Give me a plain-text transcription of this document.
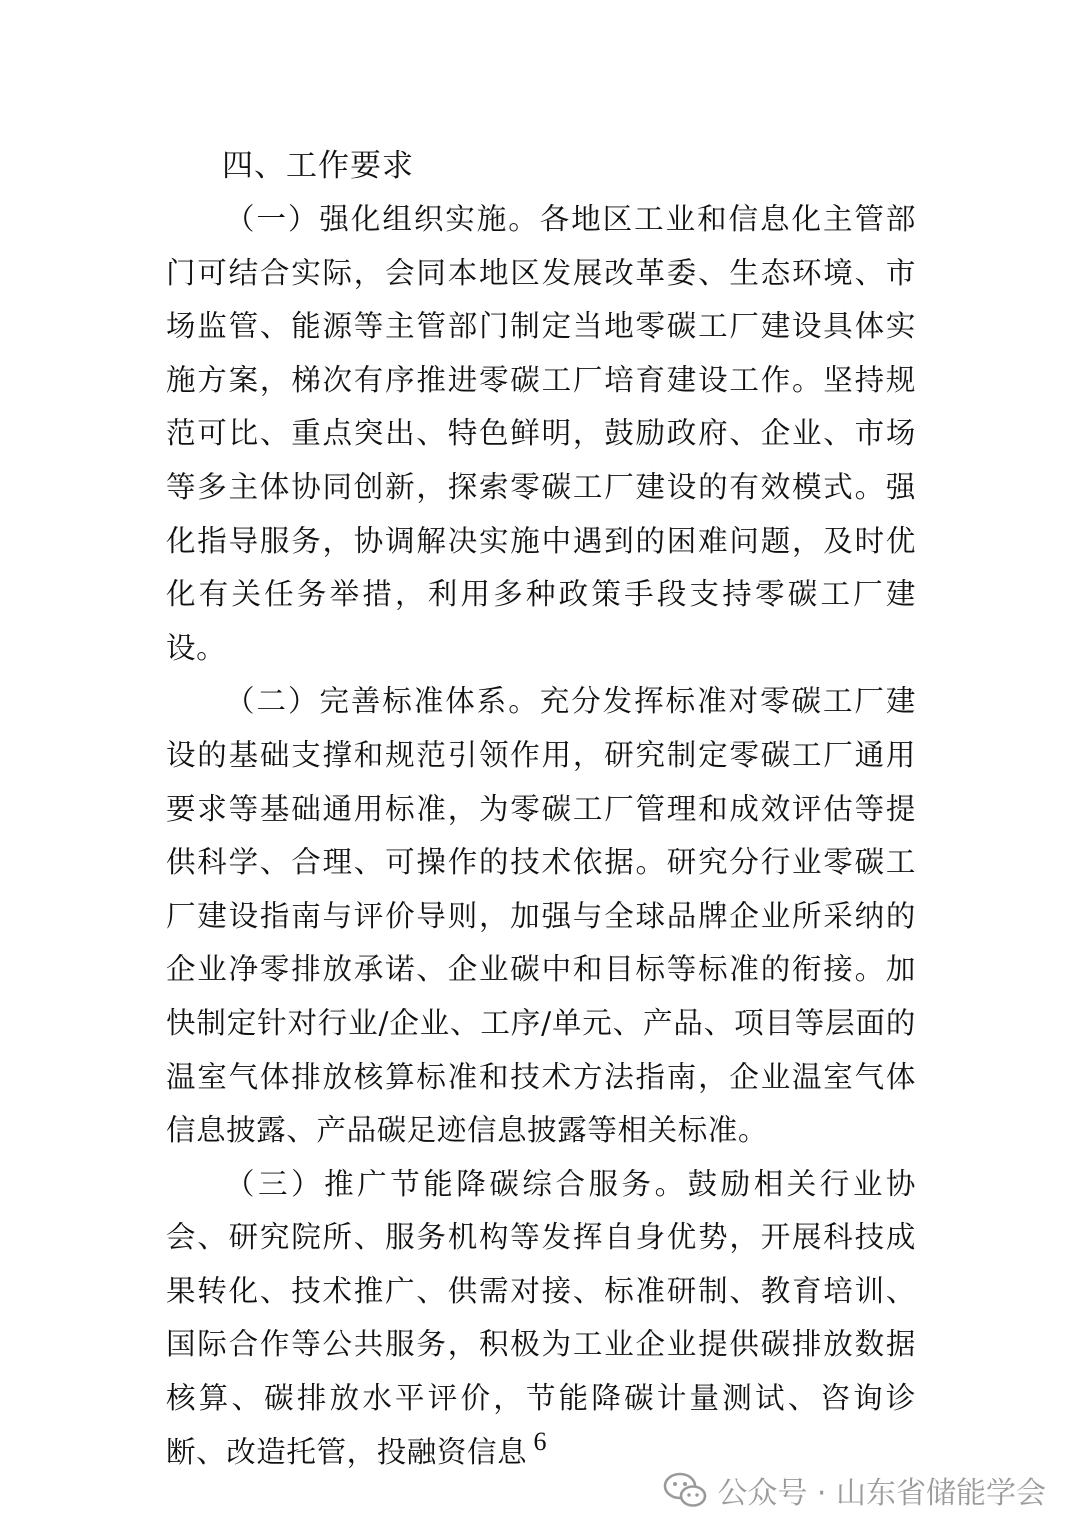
四、工作要求

（一）强化组织实施。各地区工业和信息化主管部门可结合实际，会同本地区发展改革委、生态环境、市场监管、能源等主管部门制定当地零碳工厂建设具体实施方案，梯次有序推进零碳工厂培育建设工作。坚持规范可比、重点突出、特色鲜明，鼓励政府、企业、市场等多主体协同创新，探索零碳工厂建设的有效模式。强化指导服务，协调解决实施中遇到的困难问题，及时优化有关任务举措，利用多种政策手段支持零碳工厂建设。

（二）完善标准体系。充分发挥标准对零碳工厂建设的基础支撑和规范引领作用，研究制定零碳工厂通用要求等基础通用标准，为零碳工厂管理和成效评估等提供科学、合理、可操作的技术依据。研究分行业零碳工厂建设指南与评价导则，加强与全球品牌企业所采纳的企业净零排放承诺、企业碳中和目标等标准的衔接。加快制定针对行业/企业、工序/单元、产品、项目等层面的温室气体排放核算标准和技术方法指南，企业温室气体信息披露、产品碳足迹信息披露等相关标准。

（三）推广节能降碳综合服务。鼓励相关行业协会、研究院所、服务机构等发挥自身优势，开展科技成果转化、技术推广、供需对接、标准研制、教育培训、国际合作等公共服务，积极为工业企业提供碳排放数据核算、碳排放水平评价，节能降碳计量测试、咨询诊断、改造托管，投融资信息 6
公众号 · 山东省储能学会
